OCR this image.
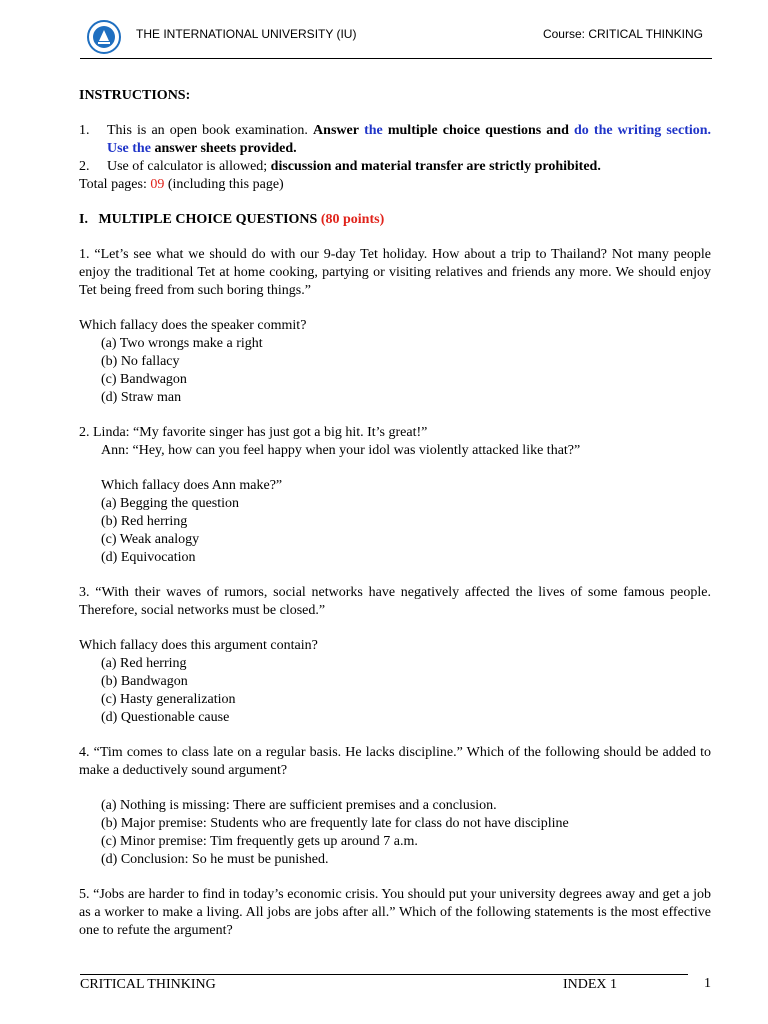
THE INTERNATIONAL UNIVERSITY (IU)	Course: CRITICAL THINKING

INSTRUCTIONS:

1.	This is an open book examination. Answer the multiple choice questions and do the writing section. Use the answer sheets provided.

2.	Use of calculator is allowed; discussion and material transfer are strictly prohibited.

Total pages: 09 (including this page)

I.   MULTIPLE CHOICE QUESTIONS (80 points)

1. “Let’s see what we should do with our 9-day Tet holiday. How about a trip to Thailand? Not many people enjoy the traditional Tet at home cooking, partying or visiting relatives and friends any more. We should enjoy Tet being freed from such boring things.”

Which fallacy does the speaker commit?

(a) Two wrongs make a right

(b) No fallacy

(c) Bandwagon

(d) Straw man

2. Linda: “My favorite singer has just got a big hit. It’s great!”

Ann: “Hey, how can you feel happy when your idol was violently attacked like that?”

Which fallacy does Ann make?”

(a) Begging the question

(b) Red herring

(c) Weak analogy

(d) Equivocation

3. “With their waves of rumors, social networks have negatively affected the lives of some famous people. Therefore, social networks must be closed.”

Which fallacy does this argument contain?

(a) Red herring

(b) Bandwagon

(c) Hasty generalization

(d) Questionable cause

4. “Tim comes to class late on a regular basis. He lacks discipline.” Which of the following should be added to make a deductively sound argument?

(a) Nothing is missing: There are sufficient premises and a conclusion.

(b) Major premise: Students who are frequently late for class do not have discipline

(c) Minor premise: Tim frequently gets up around 7 a.m.

(d) Conclusion: So he must be punished.

5. “Jobs are harder to find in today’s economic crisis. You should put your university degrees away and get a job as a worker to make a living. All jobs are jobs after all.” Which of the following statements is the most effective one to refute the argument?

CRITICAL THINKING	INDEX 1	1
